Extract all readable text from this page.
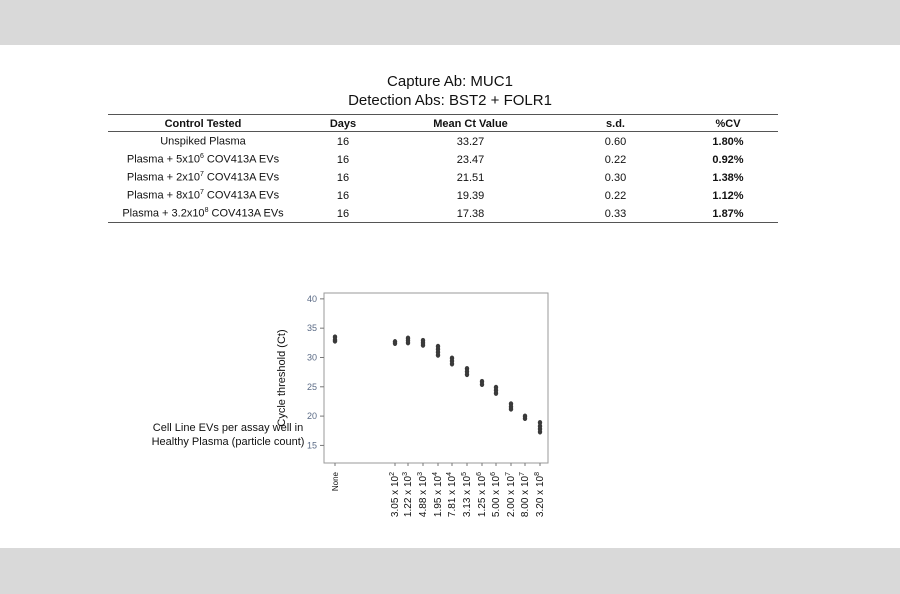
Capture Ab: MUC1
Detection Abs: BST2 + FOLR1
Control Tested	Days	Mean Ct Value	s.d.	%CV
Unspiked Plasma	16	33.27	0.60	1.80%
Plasma + $5x10^6$ COV413A EVs	16	23.47	0.22	0.92%
Plasma + $2x10^7$ COV413A EVs	16	21.51	0.30	1.38%
Plasma + $8x10^7$ COV413A EVs	16	19.39	0.22	1.12%
Plasma + $3.2x10^8$ COV413A EVs	16	17.38	0.33	1.87%
15
20
25
30
35
40
Cycle threshold (Ct)
None	3.05 x $10^2$
1.22 x $10^3$
4.88 x $10^3$
1.95 x $10^4$
7.81 x $10^4$
3.13 x $10^5$
1.25 x $10^6$
5.00 x $10^6$
2.00 x $10^7$
8.00 x $10^7$
3.20 x $10^8$
Cell Line EVs per assay well in
Healthy Plasma (particle count)
